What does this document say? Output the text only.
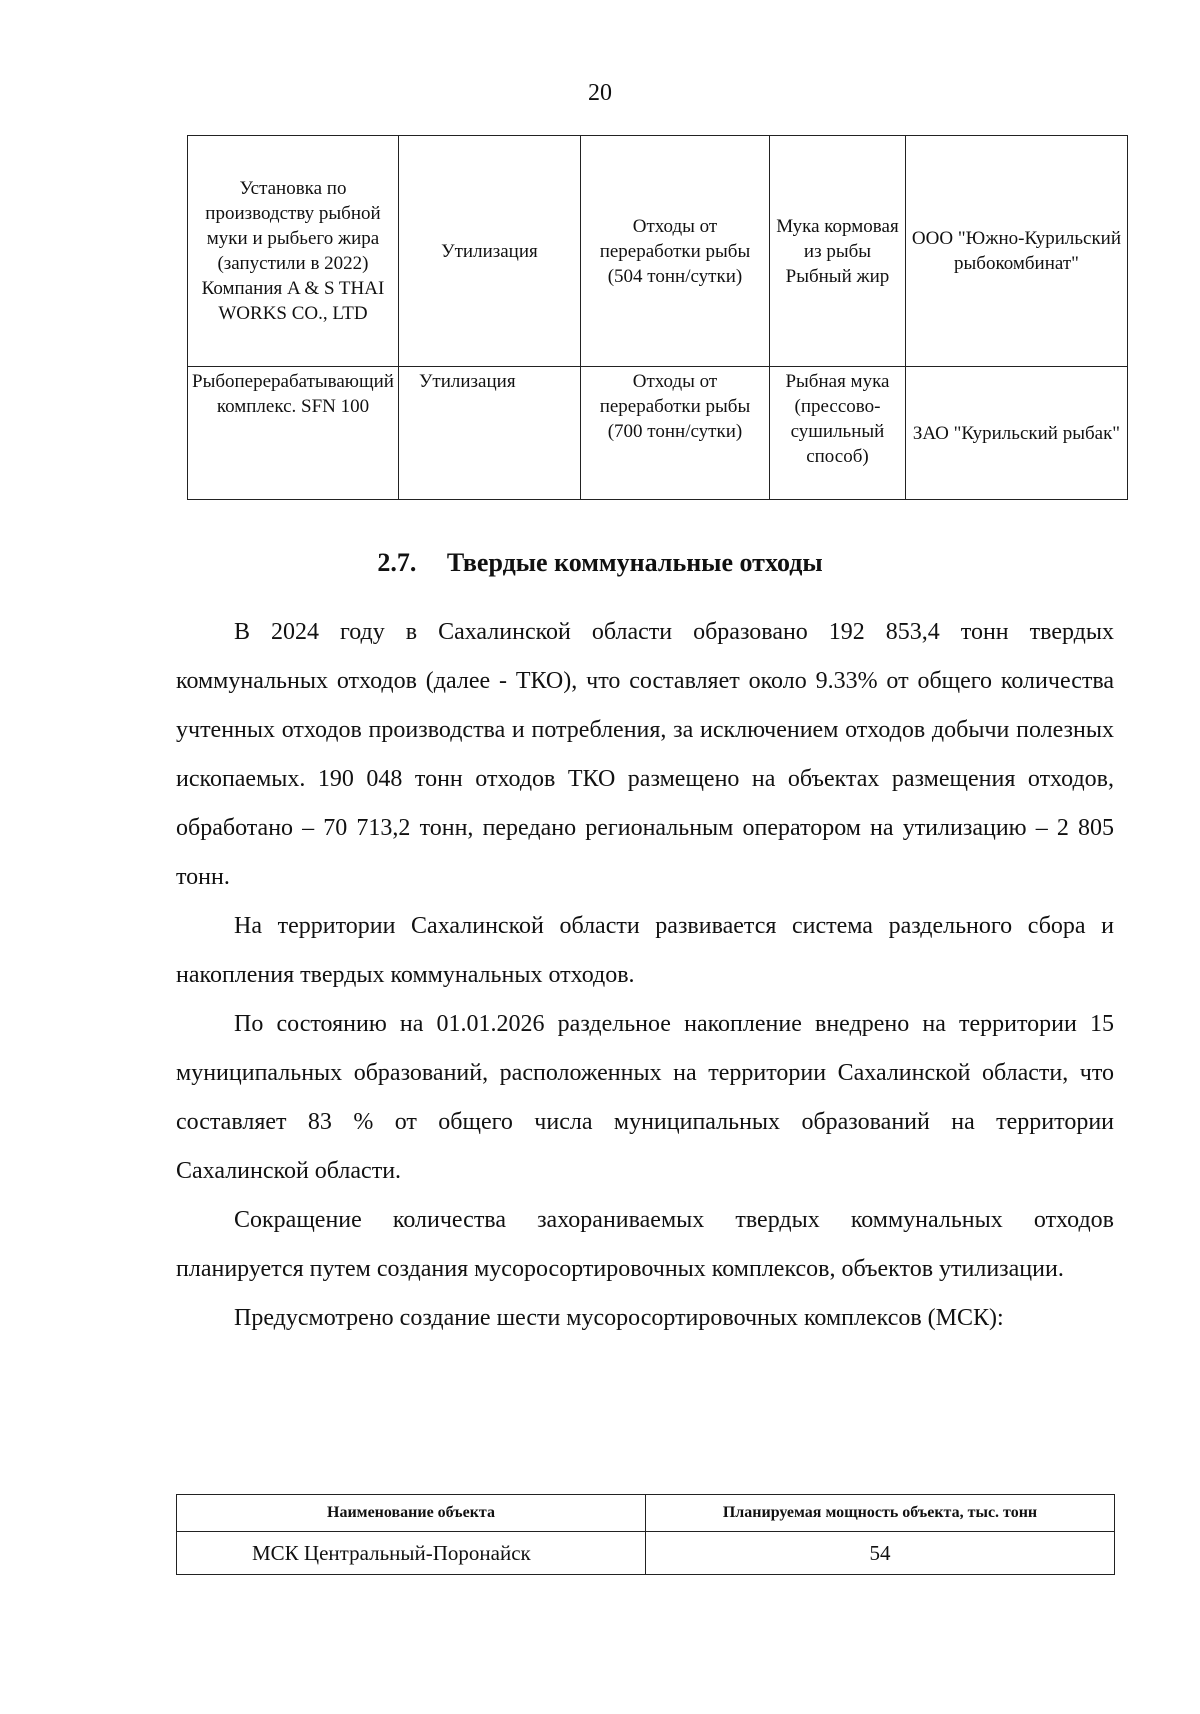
20
Установка по производству рыбной муки и рыбьего жира (запустили в 2022) Компания A & S THAI WORKS CO., LTD	Утилизация	Отходы от переработки рыбы (504 тонн/сутки)	Мука кормовая из рыбы Рыбный жир	ООО "Южно-Курильский рыбокомбинат"
Рыбоперерабатывающий комплекс. SFN 100	Утилизация	Отходы от переработки рыбы (700 тонн/сутки)	Рыбная мука (прессово-сушильный способ)	ЗАО "Курильский рыбак"
2.7. Твердые коммунальные отходы

В 2024 году в Сахалинской области образовано 192 853,4 тонн твердых коммунальных отходов (далее - ТКО), что составляет около 9.33% от общего количества учтенных отходов производства и потребления, за исключением отходов добычи полезных ископаемых. 190 048 тонн отходов ТКО размещено на объектах размещения отходов, обработано – 70 713,2 тонн, передано региональным оператором на утилизацию – 2 805 тонн.

На территории Сахалинской области развивается система раздельного сбора и накопления твердых коммунальных отходов.

По состоянию на 01.01.2026 раздельное накопление внедрено на территории 15 муниципальных образований, расположенных на территории Сахалинской области, что составляет 83 % от общего числа муниципальных образований на территории Сахалинской области.

Сокращение количества захораниваемых твердых коммунальных отходов планируется путем создания мусоросортировочных комплексов, объектов утилизации.

Предусмотрено создание шести мусоросортировочных комплексов (МСК):

Наименование объекта	Планируемая мощность объекта, тыс. тонн
МСК Центральный-Поронайск	54
